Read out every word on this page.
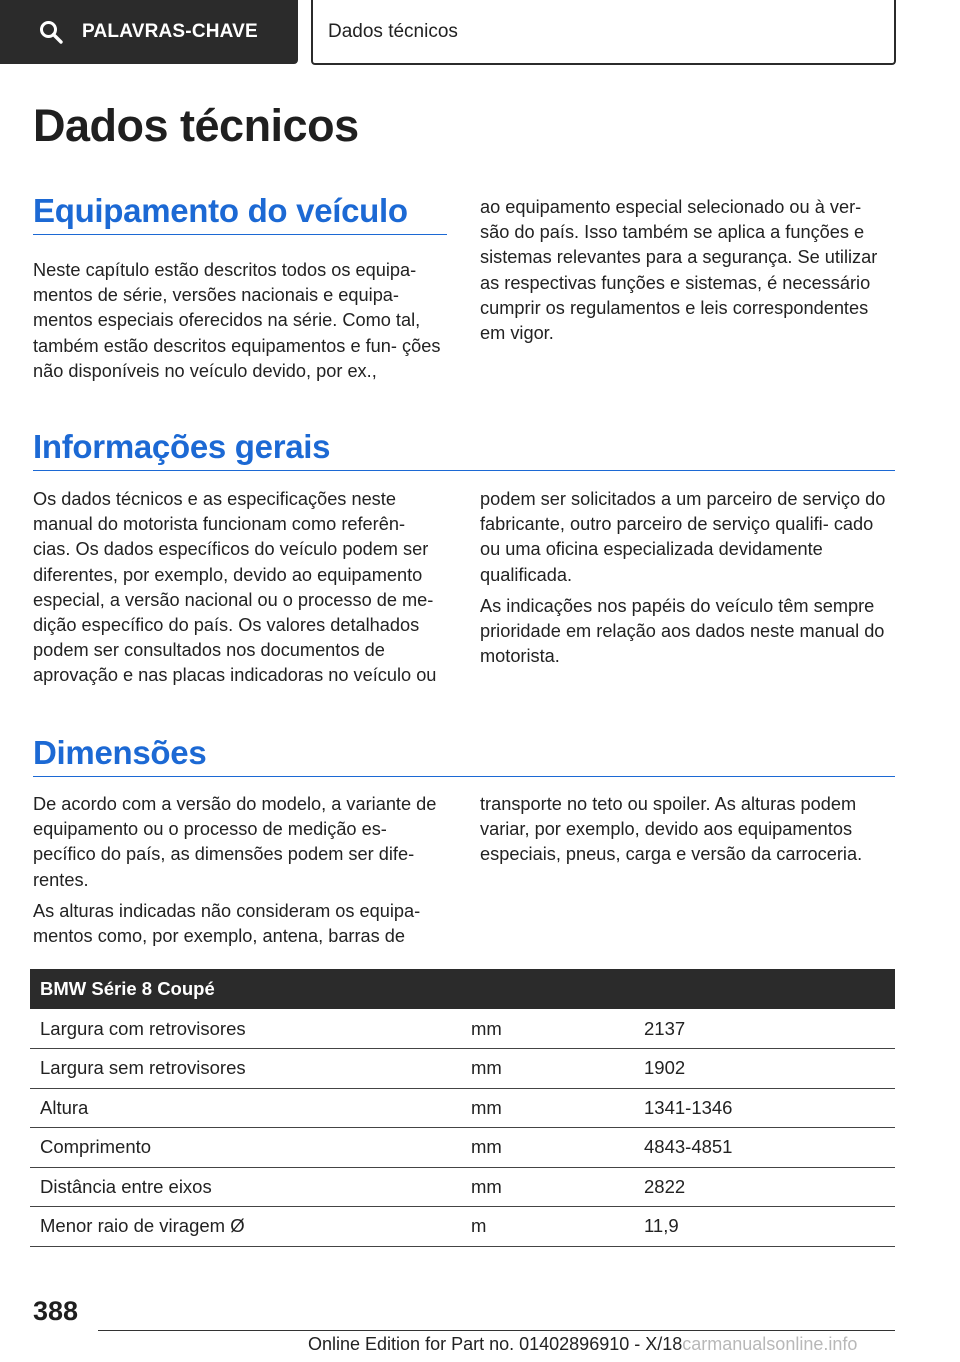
PALAVRAS-CHAVE	Dados técnicos
Dados técnicos
Equipamento do veículo

Neste capítulo estão descritos todos os equipa‐ mentos de série, versões nacionais e equipa‐ mentos especiais oferecidos na série. Como tal, também estão descritos equipamentos e fun‐ ções não disponíveis no veículo devido, por ex.,

ao equipamento especial selecionado ou à ver‐ são do país. Isso também se aplica a funções e sistemas relevantes para a segurança. Se utilizar as respectivas funções e sistemas, é necessário cumprir os regulamentos e leis correspondentes em vigor.

Informações gerais

Os dados técnicos e as especificações neste manual do motorista funcionam como referên‐ cias. Os dados específicos do veículo podem ser diferentes, por exemplo, devido ao equipamento especial, a versão nacional ou o processo de me‐ dição específico do país. Os valores detalhados podem ser consultados nos documentos de aprovação e nas placas indicadoras no veículo ou

podem ser solicitados a um parceiro de serviço do fabricante, outro parceiro de serviço qualifi‐ cado ou uma oficina especializada devidamente qualificada.

As indicações nos papéis do veículo têm sempre prioridade em relação aos dados neste manual do motorista.

Dimensões

De acordo com a versão do modelo, a variante de equipamento ou o processo de medição es‐ pecífico do país, as dimensões podem ser dife‐ rentes.

As alturas indicadas não consideram os equipa‐ mentos como, por exemplo, antena, barras de

transporte no teto ou spoiler. As alturas podem variar, por exemplo, devido aos equipamentos especiais, pneus, carga e versão da carroceria.

BMW Série 8 Coupé		
Largura com retrovisores	mm	2137
Largura sem retrovisores	mm	1902
Altura	mm	1341-1346
Comprimento	mm	4843-4851
Distância entre eixos	mm	2822
Menor raio de viragem Ø	m	11,9
388
Online Edition for Part no. 01402896910 - X/18carmanualsonline.info
